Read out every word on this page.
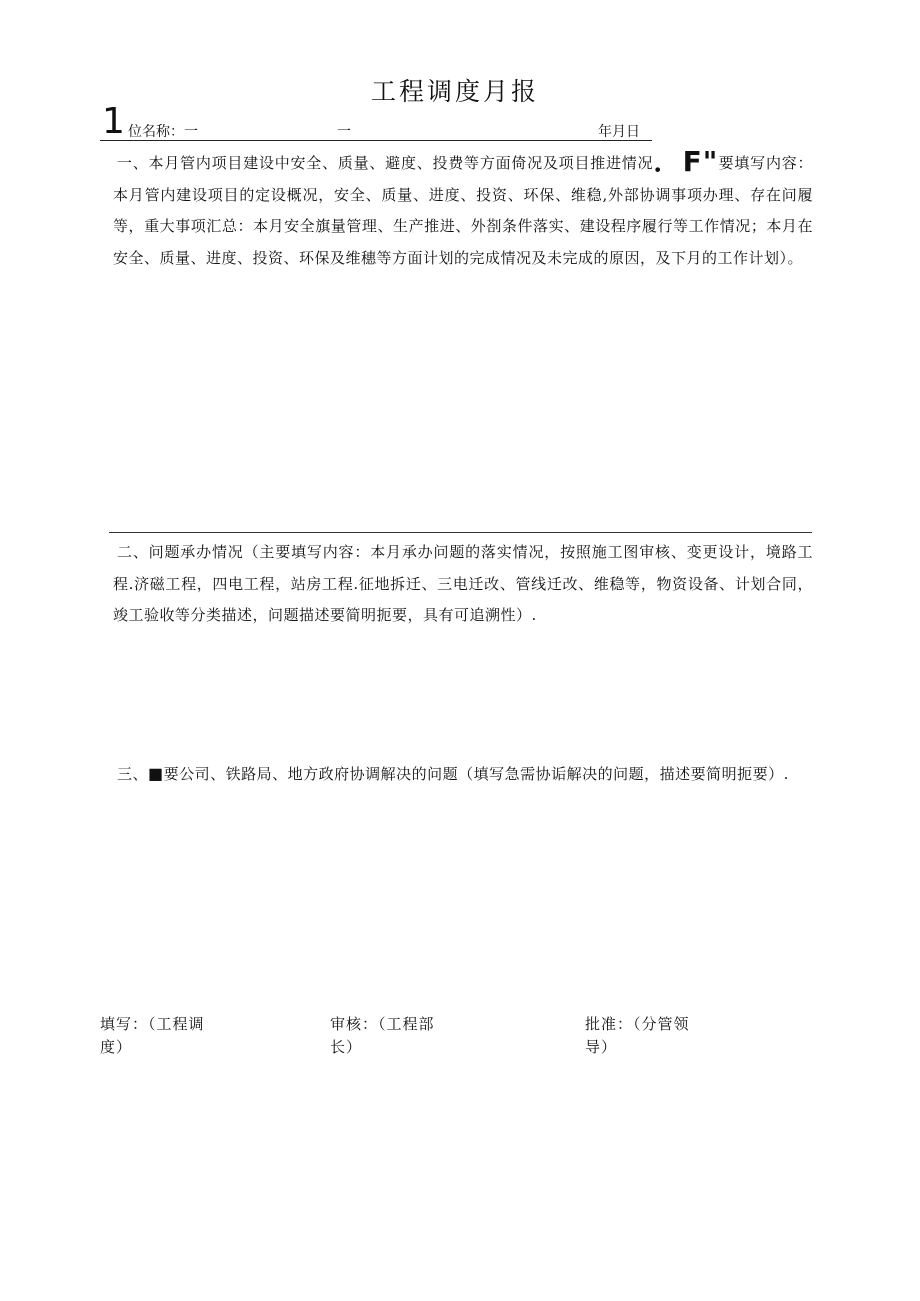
工程调度月报
1 位名称：一	一	年月日

一、本月管内项目建设中安全、质量、避度、投费等方面倚况及项目推进情况．F"要填写内容：本月管内建设项目的定设概况，安全、质量、进度、投资、环保、维稳,外部协调事项办理、存在问履等，重大事项汇总：本月安全旗量管理、生产推进、外剳条件落实、建设程序履行等工作情况；本月在安全、质量、进度、投资、环保及维穗等方面计划的完成情况及未完成的原因，及下月的工作计划）。

二、问题承办情况（主要填写内容：本月承办问题的落实情况，按照施工图审核、变更设计，境路工程.济磁工程，四电工程，站房工程.征地拆迁、三电迁改、管线迁改、维稳等，物资设备、计划合同，竣工验收等分类描述，问题描述要简明扼要，具有可追溯性）.

三、■要公司、铁路局、地方政府协调解决的问题（填写急需协诟解决的问题，描述要简明扼要）.

填写：（工程调
度）
审核：（工程部
长）
批准：（分管领
导）
